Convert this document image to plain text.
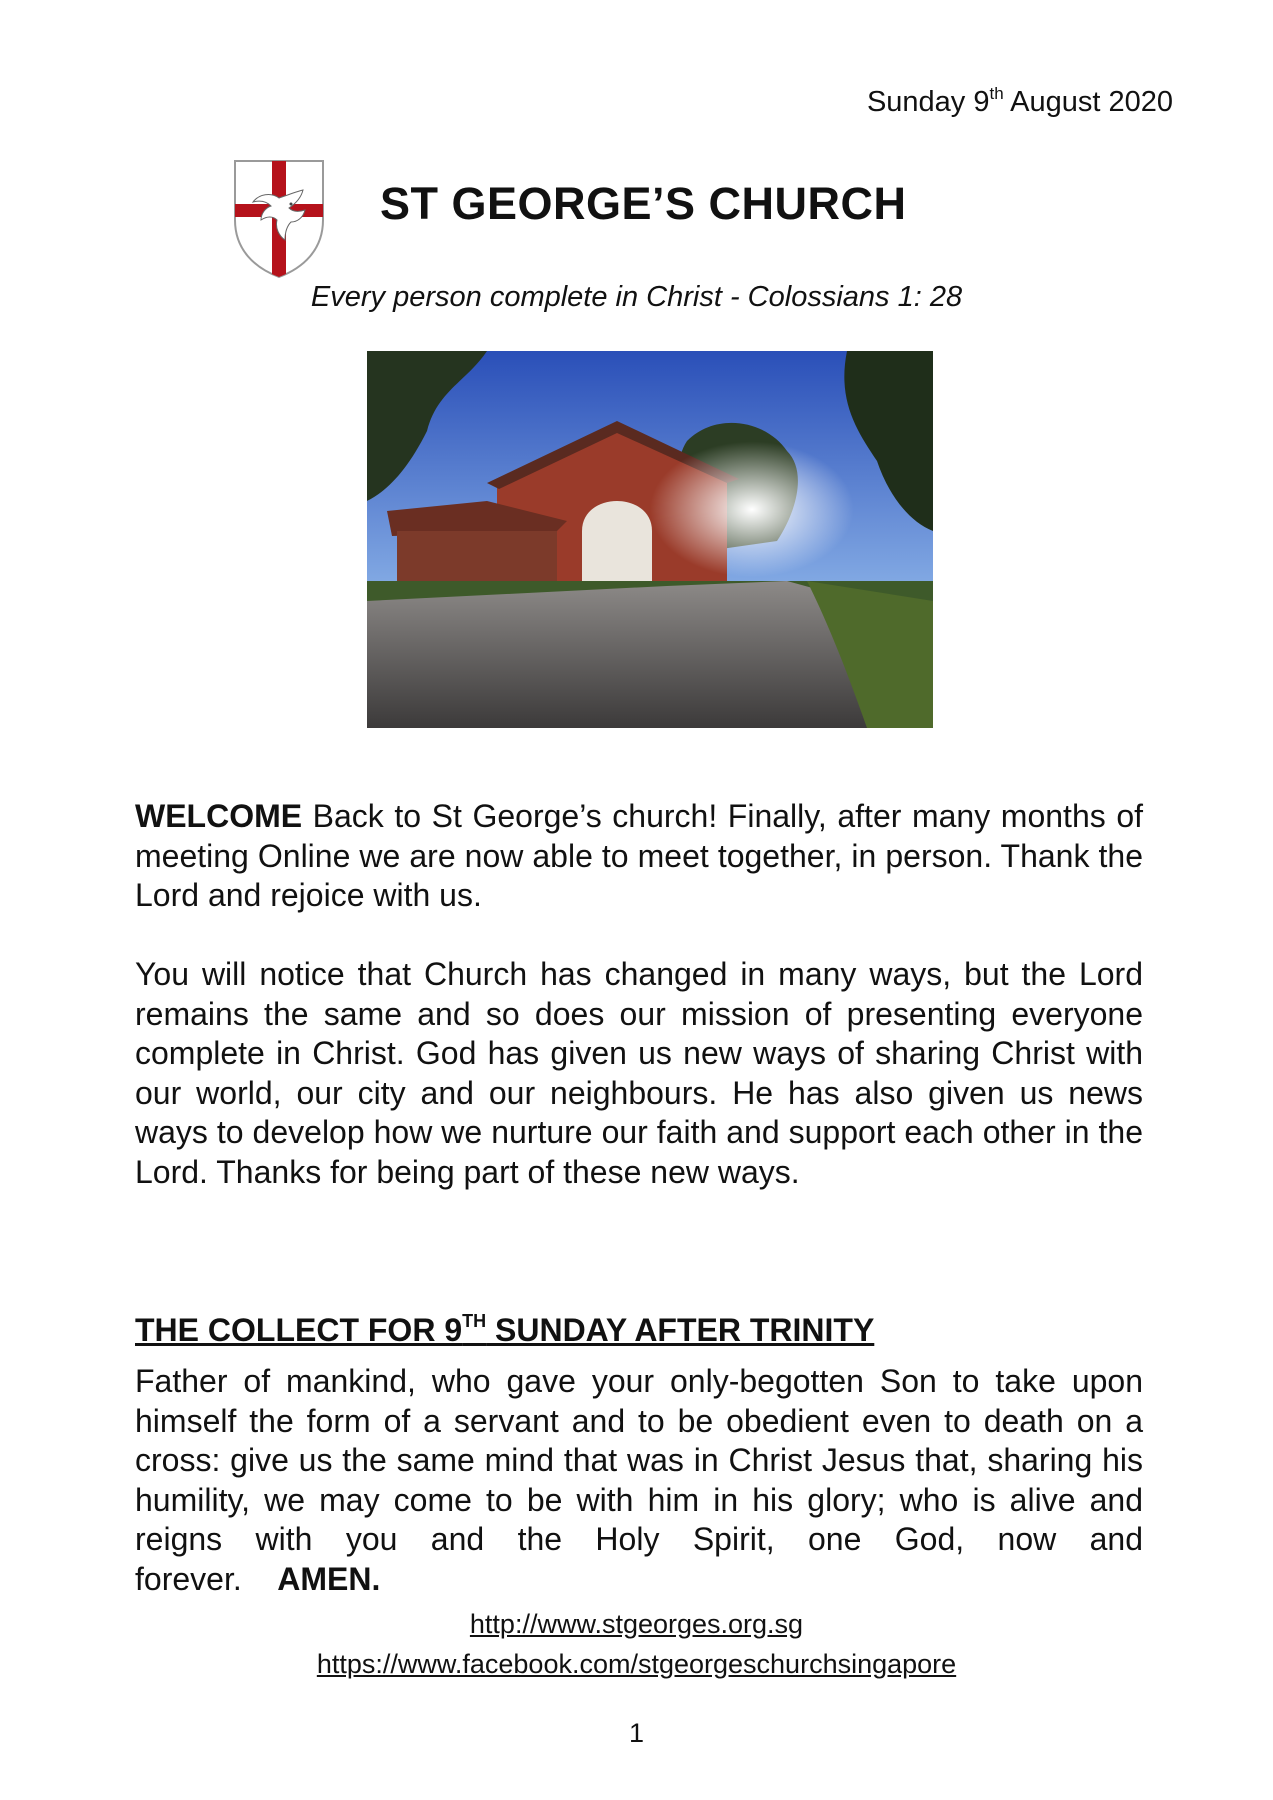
Sunday 9th August 2020
ST GEORGE’S CHURCH
Every person complete in Christ - Colossians 1: 28

WELCOME Back to St George’s church! Finally, after many months of meeting Online we are now able to meet together, in person. Thank the Lord and rejoice with us.

You will notice that Church has changed in many ways, but the Lord remains the same and so does our mission of presenting everyone complete in Christ. God has given us new ways of sharing Christ with our world, our city and our neighbours. He has also given us news ways to develop how we nurture our faith and support each other in the Lord. Thanks for being part of these new ways.

THE COLLECT FOR 9TH SUNDAY AFTER TRINITY

Father of mankind, who gave your only-begotten Son to take upon himself the form of a servant and to be obedient even to death on a cross: give us the same mind that was in Christ Jesus that, sharing his humility, we may come to be with him in his glory; who is alive and reigns with you and the Holy Spirit, one God, now and forever. AMEN.

http://www.stgeorges.org.sg
https://www.facebook.com/stgeorgeschurchsingapore
1
